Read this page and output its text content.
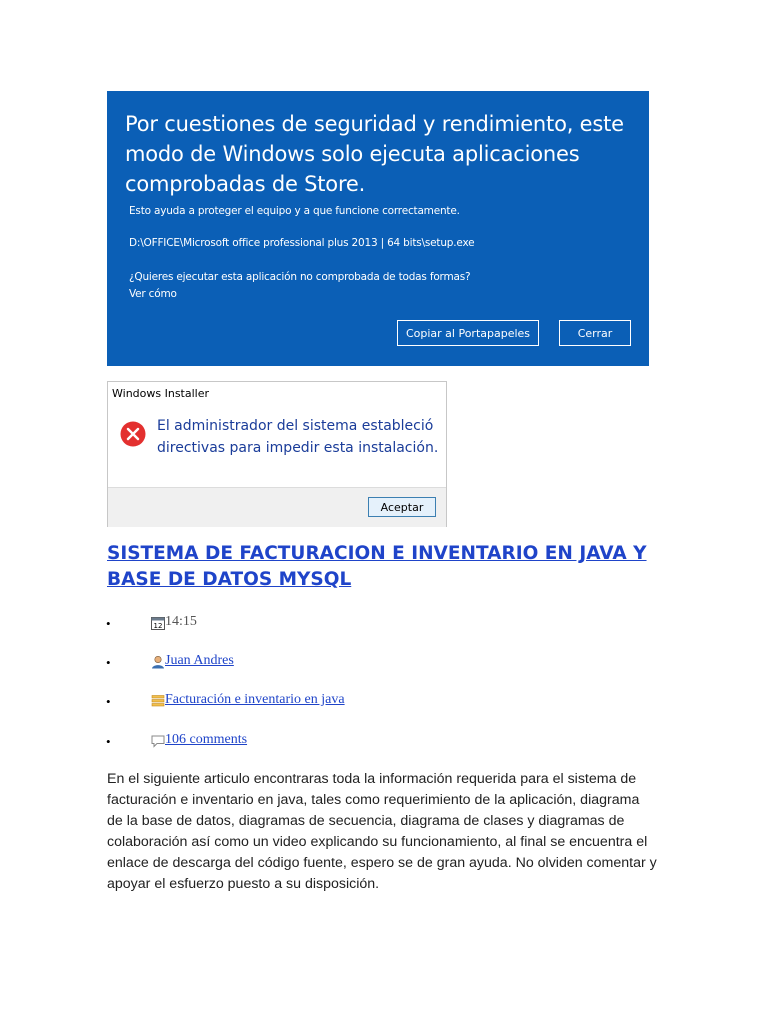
Por cuestiones de seguridad y rendimiento, este modo de Windows solo ejecuta aplicaciones comprobadas de Store.
Esto ayuda a proteger el equipo y a que funcione correctamente.
D:\OFFICE\Microsoft office professional plus 2013 | 64 bits\setup.exe
¿Quieres ejecutar esta aplicación no comprobada de todas formas?
Ver cómo
Copiar al Portapapeles	Cerrar
Windows Installer
El administrador del sistema estableció directivas para impedir esta instalación.
Aceptar
SISTEMA DE FACTURACION E INVENTARIO EN JAVA Y BASE DE DATOS MYSQL
•	12 14:15
•	Juan Andres
•	Facturación e inventario en java
•	106 comments
En el siguiente articulo encontraras toda la información requerida para el sistema de facturación e inventario en java, tales como requerimiento de la aplicación, diagrama de la base de datos, diagramas de secuencia, diagrama de clases y diagramas de colaboración así como un video explicando su funcionamiento, al final se encuentra el enlace de descarga del código fuente, espero se de gran ayuda. No olviden comentar y apoyar el esfuerzo puesto a su disposición.
